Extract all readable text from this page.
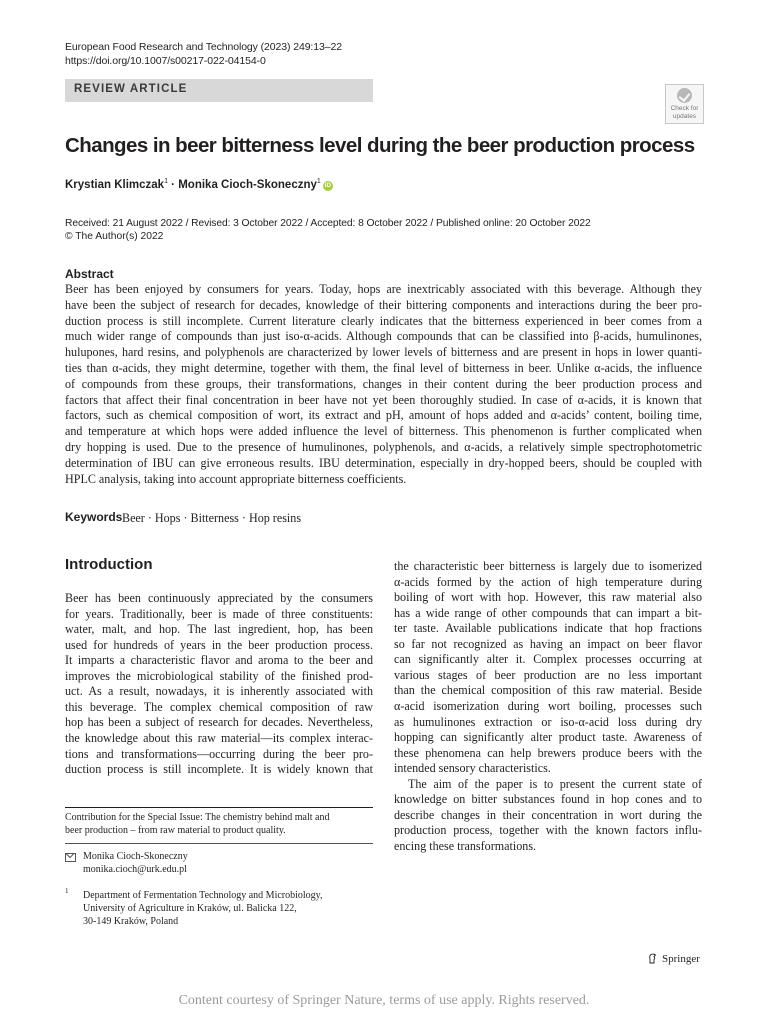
European Food Research and Technology (2023) 249:13–22
https://doi.org/10.1007/s00217-022-04154-0
REVIEW ARTICLE
Check for
updates
Changes in beer bitterness level during the beer production process
Krystian Klimczak$^1$ · Monika Cioch-Skoneczny$^1$iD
Received: 21 August 2022 / Revised: 3 October 2022 / Accepted: 8 October 2022 / Published online: 20 October 2022
© The Author(s) 2022
Abstract
Beer has been enjoyed by consumers for years. Today, hops are inextricably associated with this beverage. Although they
have been the subject of research for decades, knowledge of their bittering components and interactions during the beer pro-
duction process is still incomplete. Current literature clearly indicates that the bitterness experienced in beer comes from a
much wider range of compounds than just iso-α-acids. Although compounds that can be classified into β-acids, humulinones,
hulupones, hard resins, and polyphenols are characterized by lower levels of bitterness and are present in hops in lower quanti-
ties than α-acids, they might determine, together with them, the final level of bitterness in beer. Unlike α-acids, the influence
of compounds from these groups, their transformations, changes in their content during the beer production process and
factors that affect their final concentration in beer have not yet been thoroughly studied. In case of α-acids, it is known that
factors, such as chemical composition of wort, its extract and pH, amount of hops added and α-acids’ content, boiling time,
and temperature at which hops were added influence the level of bitterness. This phenomenon is further complicated when
dry hopping is used. Due to the presence of humulinones, polyphenols, and α-acids, a relatively simple spectrophotometric
determination of IBU can give erroneous results. IBU determination, especially in dry-hopped beers, should be coupled with
HPLC analysis, taking into account appropriate bitterness coefficients.
Keywords Beer · Hops · Bitterness · Hop resins
Introduction
Beer has been continuously appreciated by the consumers
for years. Traditionally, beer is made of three constituents:
water, malt, and hop. The last ingredient, hop, has been
used for hundreds of years in the beer production process.
It imparts a characteristic flavor and aroma to the beer and
improves the microbiological stability of the finished prod-
uct. As a result, nowadays, it is inherently associated with
this beverage. The complex chemical composition of raw
hop has been a subject of research for decades. Nevertheless,
the knowledge about this raw material—its complex interac-
tions and transformations—occurring during the beer pro-
duction process is still incomplete. It is widely known that
the characteristic beer bitterness is largely due to isomerized
α-acids formed by the action of high temperature during
boiling of wort with hop. However, this raw material also
has a wide range of other compounds that can impart a bit-
ter taste. Available publications indicate that hop fractions
so far not recognized as having an impact on beer flavor
can significantly alter it. Complex processes occurring at
various stages of beer production are no less important
than the chemical composition of this raw material. Beside
α-acid isomerization during wort boiling, processes such
as humulinones extraction or iso-α-acid loss during dry
hopping can significantly alter product taste. Awareness of
these phenomena can help brewers produce beers with the
intended sensory characteristics.
The aim of the paper is to present the current state of
knowledge on bitter substances found in hop cones and to
describe changes in their concentration in wort during the
production process, together with the known factors influ-
encing these transformations.
Contribution for the Special Issue: The chemistry behind malt and
beer production – from raw material to product quality.
Monika Cioch-Skoneczny
monika.cioch@urk.edu.pl
1 Department of Fermentation Technology and Microbiology,
University of Agriculture in Kraków, ul. Balicka 122,
30-149 Kraków, Poland
Springer
Content courtesy of Springer Nature, terms of use apply. Rights reserved.
